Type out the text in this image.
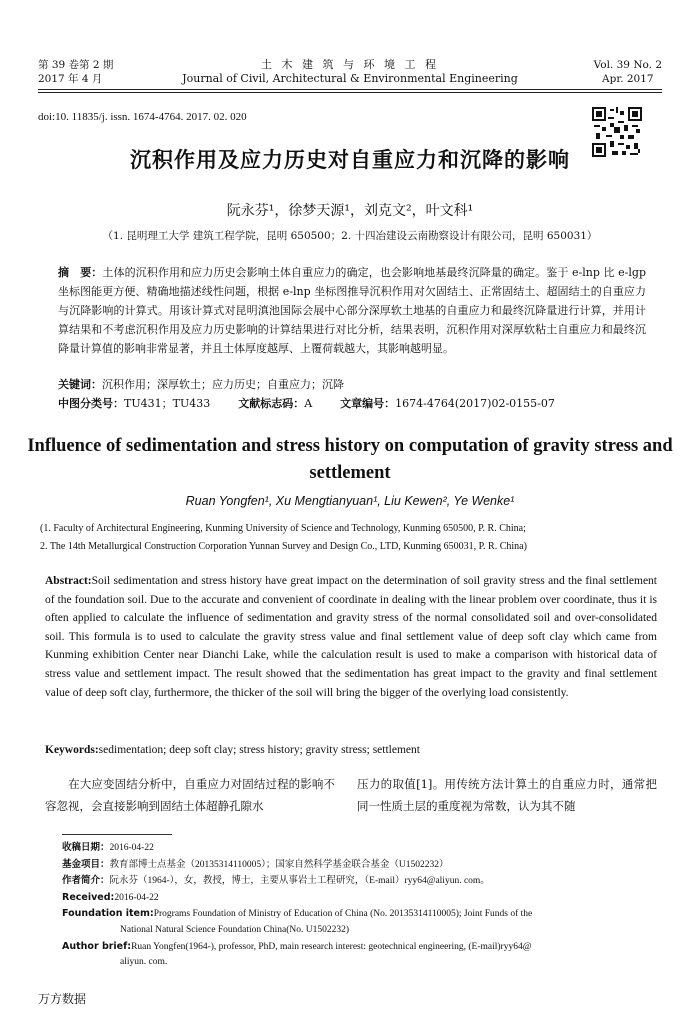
第 39 卷第 2 期
2017 年 4 月
土 木 建 筑 与 环 境 工 程
Journal of Civil, Architectural & Environmental Engineering
Vol. 39 No. 2
Apr. 2017
doi:10. 11835/j. issn. 1674-4764. 2017. 02. 020
沉积作用及应力历史对自重应力和沉降的影响
阮永芬¹，徐梦天源¹，刘克文²，叶文科¹
（1. 昆明理工大学 建筑工程学院，昆明 650500；2. 十四冶建设云南勘察设计有限公司，昆明 650031）
摘　要：土体的沉积作用和应力历史会影响土体自重应力的确定，也会影响地基最终沉降量的确定。鉴于 e-lnp 比 e-lgp 坐标图能更方便、精确地描述线性问题，根据 e-lnp 坐标图推导沉积作用对欠固结土、正常固结土、超固结土的自重应力与沉降影响的计算式。用该计算式对昆明滇池国际会展中心部分深厚软土地基的自重应力和最终沉降量进行计算，并用计算结果和不考虑沉积作用及应力历史影响的计算结果进行对比分析，结果表明，沉积作用对深厚软粘土自重应力和最终沉降量计算值的影响非常显著，并且土体厚度越厚、上覆荷载越大，其影响越明显。
关键词：沉积作用；深厚软土；应力历史；自重应力；沉降
中图分类号：TU431；TU433	文献标志码：A	文章编号：1674-4764(2017)02-0155-07
Influence of sedimentation and stress history on computation of gravity stress and settlement
Ruan Yongfen¹, Xu Mengtianyuan¹, Liu Kewen², Ye Wenke¹
(1. Faculty of Architectural Engineering, Kunming University of Science and Technology, Kunming 650500, P. R. China;
2. The 14th Metallurgical Construction Corporation Yunnan Survey and Design Co., LTD, Kunming 650031, P. R. China)
Abstract:Soil sedimentation and stress history have great impact on the determination of soil gravity stress and the final settlement of the foundation soil. Due to the accurate and convenient of coordinate in dealing with the linear problem over coordinate, thus it is often applied to calculate the influence of sedimentation and gravity stress of the normal consolidated soil and over-consolidated soil. This formula is to used to calculate the gravity stress value and final settlement value of deep soft clay which came from Kunming exhibition Center near Dianchi Lake, while the calculation result is used to make a comparison with historical data of stress value and settlement impact. The result showed that the sedimentation has great impact to the gravity and final settlement value of deep soft clay, furthermore, the thicker of the soil will bring the bigger of the overlying load consistently.
Keywords:sedimentation; deep soft clay; stress history; gravity stress; settlement
　　在大应变固结分析中，自重应力对固结过程的影响不容忽视，会直接影响到固结土体超静孔隙水
压力的取值[1]。用传统方法计算土的自重应力时，通常把同一性质土层的重度视为常数，认为其不随
收稿日期：2016-04-22
基金项目：教育部博士点基金（20135314110005）；国家自然科学基金联合基金（U1502232）
作者简介：阮永芬（1964-），女，教授，博士，主要从事岩土工程研究，（E-mail）ryy64@aliyun. com。
Received:2016-04-22
Foundation item:Programs Foundation of Ministry of Education of China (No. 20135314110005); Joint Funds of the
National Natural Science Foundation China(No. U1502232)
Author brief:Ruan Yongfen(1964-), professor, PhD, main research interest: geotechnical engineering, (E-mail)ryy64@
aliyun. com.
万方数据
